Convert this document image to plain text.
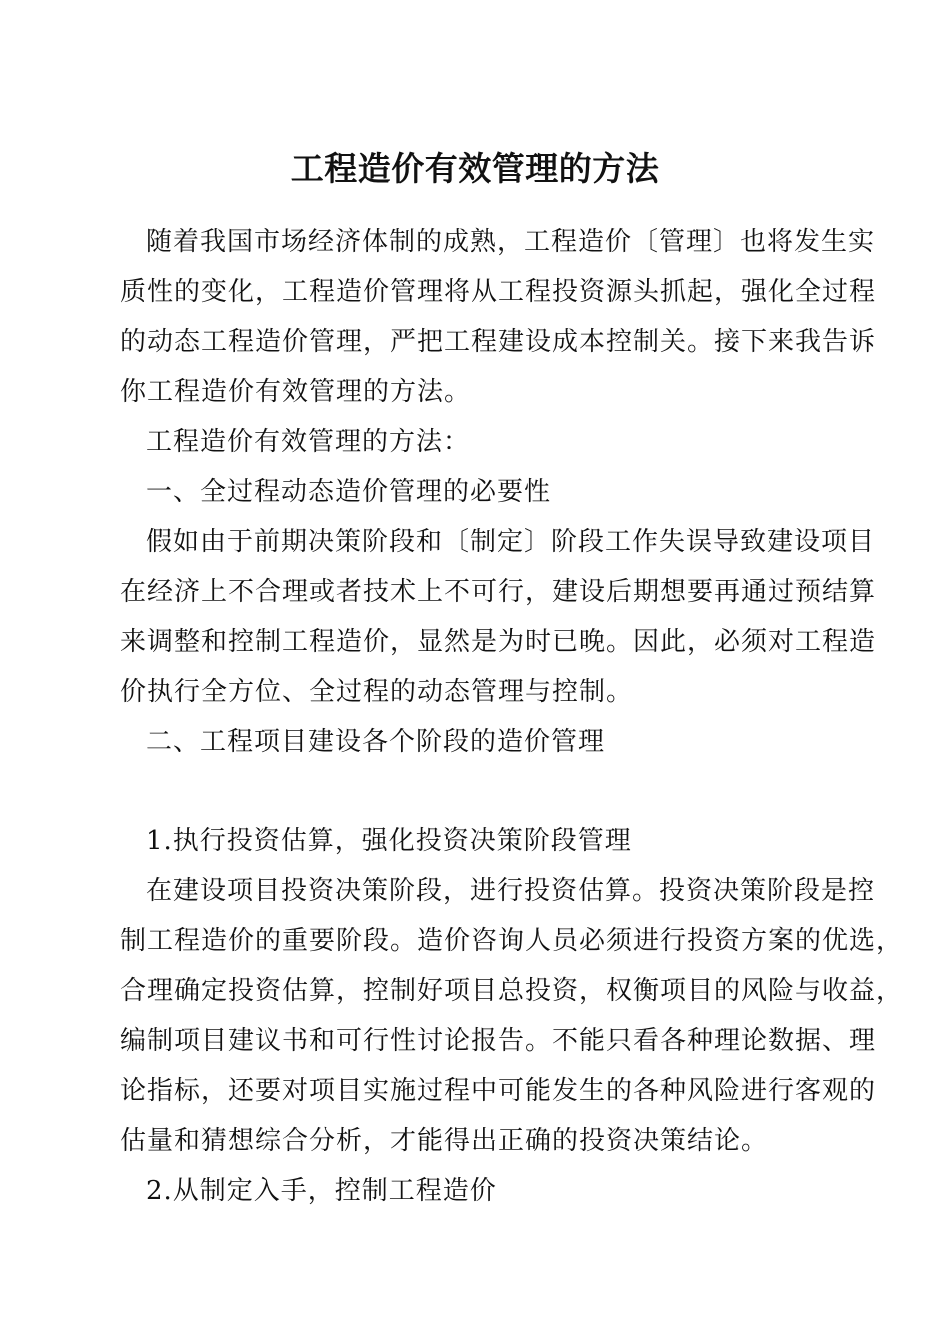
工程造价有效管理的方法

随着我国市场经济体制的成熟，工程造价〔管理〕也将发生实

质性的变化，工程造价管理将从工程投资源头抓起，强化全过程

的动态工程造价管理，严把工程建设成本控制关。接下来我告诉

你工程造价有效管理的方法。

工程造价有效管理的方法：

一、全过程动态造价管理的必要性

假如由于前期决策阶段和〔制定〕阶段工作失误导致建设项目

在经济上不合理或者技术上不可行，建设后期想要再通过预结算

来调整和控制工程造价，显然是为时已晚。因此，必须对工程造

价执行全方位、全过程的动态管理与控制。

二、工程项目建设各个阶段的造价管理

1.执行投资估算，强化投资决策阶段管理

在建设项目投资决策阶段，进行投资估算。投资决策阶段是控

制工程造价的重要阶段。造价咨询人员必须进行投资方案的优选，

合理确定投资估算，控制好项目总投资，权衡项目的风险与收益，

编制项目建议书和可行性讨论报告。不能只看各种理论数据、理

论指标，还要对项目实施过程中可能发生的各种风险进行客观的

估量和猜想综合分析，才能得出正确的投资决策结论。

2.从制定入手，控制工程造价
